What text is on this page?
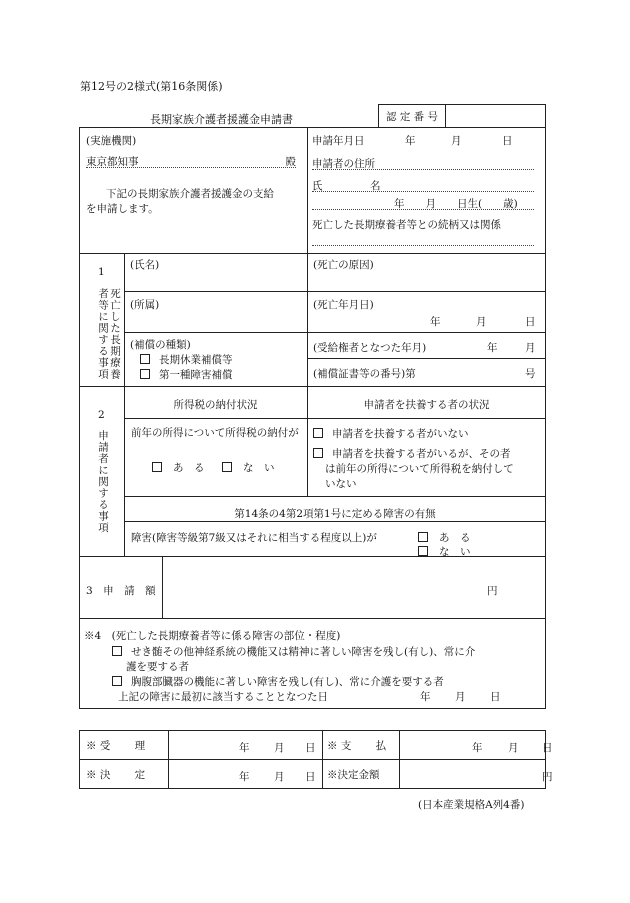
第12号の2様式(第16条関係)
長期家族介護者援護金申請書	認 定 番 号	
(実施機関)
東京都知事	殿
下記の長期家族介護者援護金の支給
を申請します。
申請年月日	年	月	日
申請者の住所
氏	名
年　　月　　日生(　　歳)
死亡した長期療養者等との続柄又は関係
1
死亡した長期療養者等に関する事項
(氏名)	(死亡の原因)
(所属)	(死亡年月日)
年	月	日
(補償の種類)
長期休業補償等
第一種障害補償
(受給権者となつた年月)	年	月
(補償証書等の番号)第	号
2
申請者に関する事項
所得税の納付状況	申請者を扶養する者の状況
前年の所得について所得税の納付が
あ　る	な　い
申請者を扶養する者がいない
申請者を扶養する者がいるが、その者
は前年の所得について所得税を納付して
いない
第14条の4第2項第1号に定める障害の有無
障害(障害等級第7級又はそれに相当する程度以上)が	あ　る
な　い
3　申　請　額	円
※4　(死亡した長期療養者等に係る障害の部位・程度)
せき髄その他神経系統の機能又は精神に著しい障害を残し(有し)、常に介
護を要する者
胸腹部臓器の機能に著しい障害を残し(有し)、常に介護を要する者
上記の障害に最初に該当することとなつた日	年 月 日
※ 受　　 理	年 月 日	※ 支　　 払	年 月 日

※ 決　　 定	年 月 日	※決定金額	円
(日本産業規格A列4番)
